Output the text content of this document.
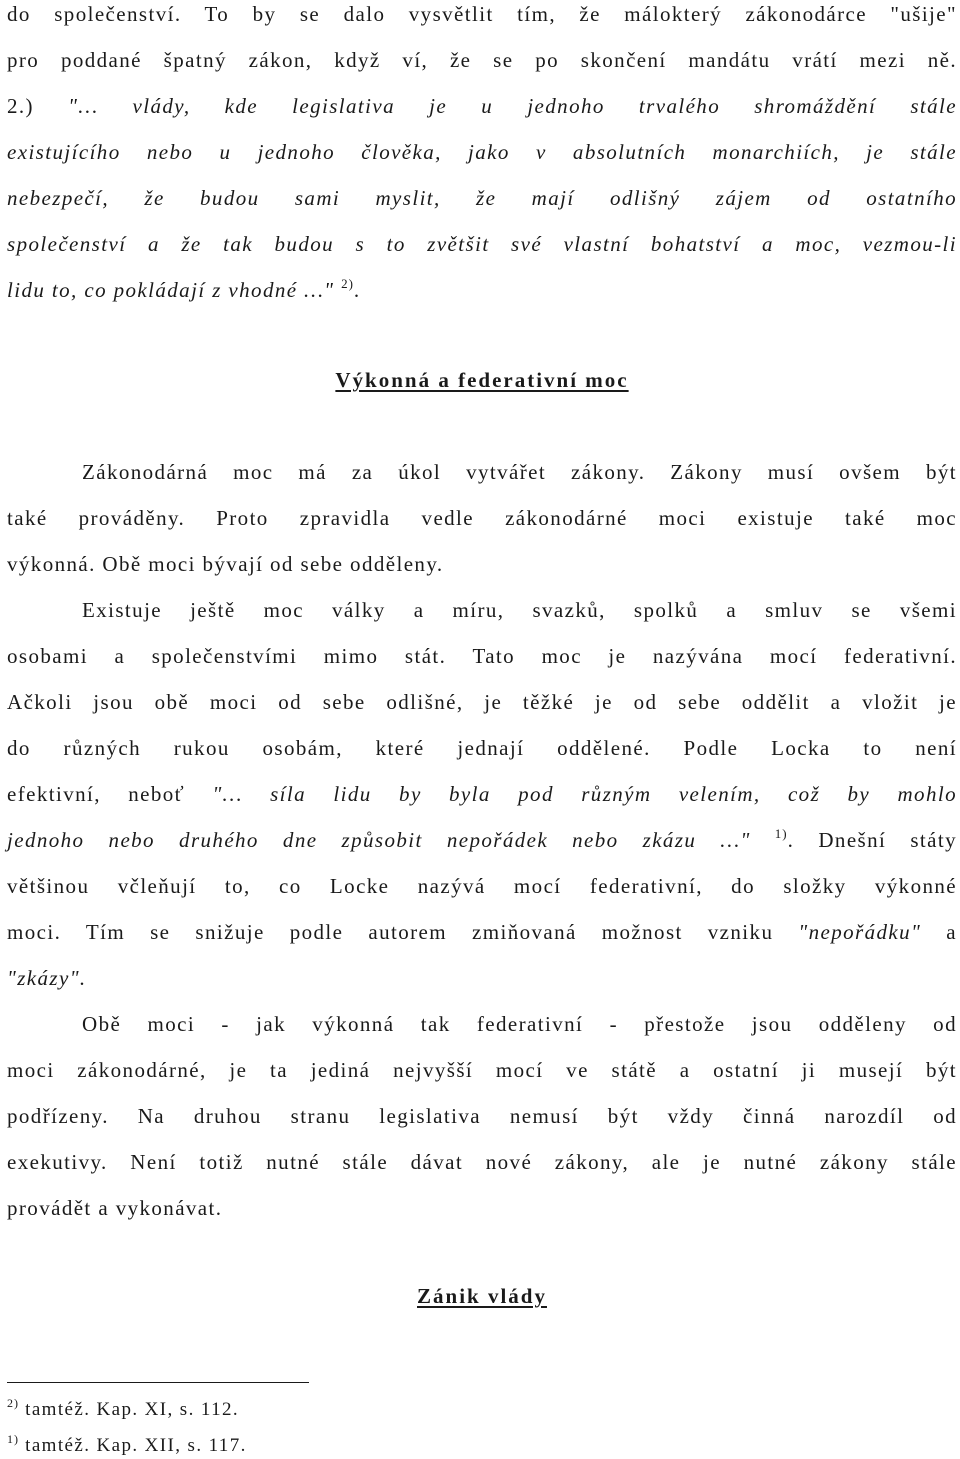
do společenství. To by se dalo vysvětlit tím, že málokterý zákonodárce "ušije"
pro poddané špatný zákon, když ví, že se po skončení mandátu vrátí mezi ně.
2.) "… vlády, kde legislativa je u jednoho trvalého shromáždění stále
existujícího nebo u jednoho člověka, jako v absolutních monarchiích, je stále
nebezpečí, že budou sami myslit, že mají odlišný zájem od ostatního
společenství a že tak budou s to zvětšit své vlastní bohatství a moc, vezmou-li
lidu to, co pokládají z vhodné …" $^{2)}$.
Výkonná a federativní moc
Zákonodárná moc má za úkol vytvářet zákony. Zákony musí ovšem být
také prováděny. Proto zpravidla vedle zákonodárné moci existuje také moc
výkonná. Obě moci bývají od sebe odděleny.
Existuje ještě moc války a míru, svazků, spolků a smluv se všemi
osobami a společenstvími mimo stát. Tato moc je nazývána mocí federativní.
Ačkoli jsou obě moci od sebe odlišné, je těžké je od sebe oddělit a vložit je
do různých rukou osobám, které jednají oddělené. Podle Locka to není
efektivní, neboť "… síla lidu by byla pod různým velením, což by mohlo
jednoho nebo druhého dne způsobit nepořádek nebo zkázu …" $^{1)}$. Dnešní státy
většinou včleňují to, co Locke nazývá mocí federativní, do složky výkonné
moci. Tím se snižuje podle autorem zmiňovaná možnost vzniku "nepořádku" a
"zkázy".
Obě moci - jak výkonná tak federativní - přestože jsou odděleny od
moci zákonodárné, je ta jediná nejvyšší mocí ve státě a ostatní ji musejí být
podřízeny. Na druhou stranu legislativa nemusí být vždy činná narozdíl od
exekutivy. Není totiž nutné stále dávat nové zákony, ale je nutné zákony stále
provádět a vykonávat.
Zánik vlády
$^{2)}$ tamtéž. Kap. XI, s. 112.
$^{1)}$ tamtéž. Kap. XII, s. 117.
